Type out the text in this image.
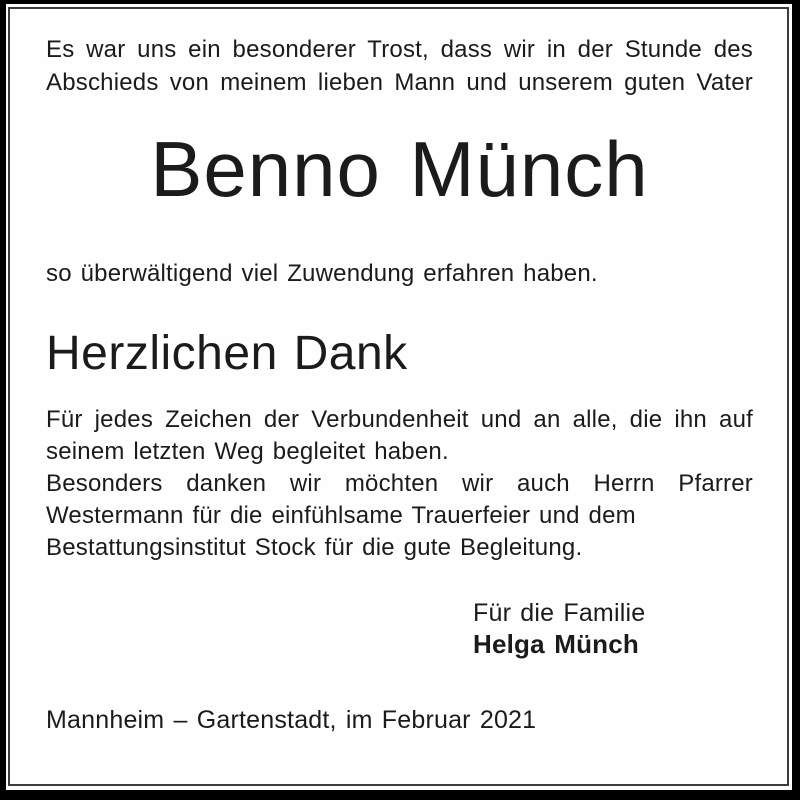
Es war uns ein besonderer Trost, dass wir in der Stunde des
Abschieds von meinem lieben Mann und unserem guten Vater
Benno Münch
so überwältigend viel Zuwendung erfahren haben.
Herzlichen Dank
Für jedes Zeichen der Verbundenheit und an alle, die ihn auf
seinem letzten Weg begleitet haben.
Besonders danken wir möchten wir auch Herrn Pfarrer
Westermann für die einfühlsame Trauerfeier und dem
Bestattungsinstitut Stock für die gute Begleitung.
Für die Familie
Helga Münch
Mannheim – Gartenstadt, im Februar 2021
